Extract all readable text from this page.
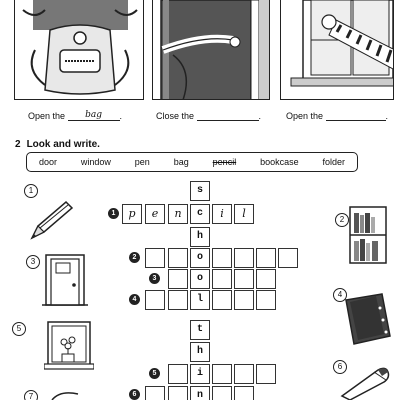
Open the bag .	Close the	.	Open the	.
2 Look and write.
door	window	pen	bag	pencil	bookcase	folder
1
3
5
7
2
4
6
s
c
h
o
o
l
t
h
i
n
1	p	e	n	i	l
2
3
4
5
6
